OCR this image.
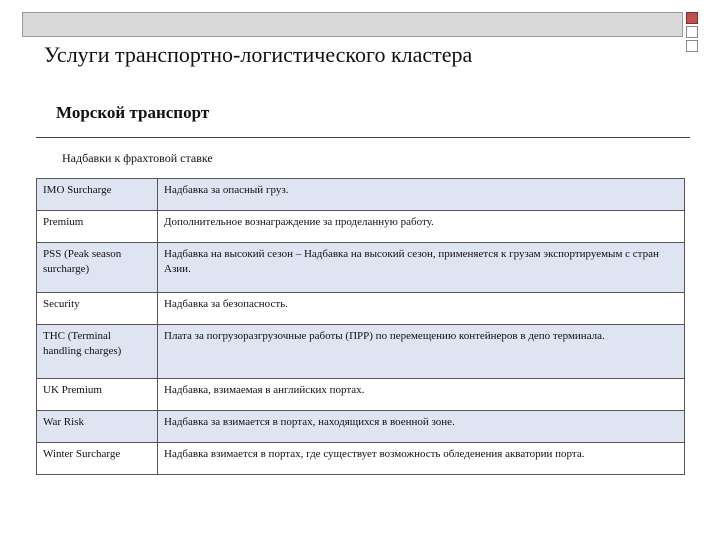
Услуги транспортно-логистического кластера
Морской транспорт
Надбавки к фрахтовой ставке
IMO Surcharge	Надбавка за опасный груз.
Premium	Дополнительное вознаграждение за проделанную работу.
PSS (Peak season surcharge)	Надбавка на высокий сезон – Надбавка на высокий сезон, применяется к грузам экспортируемым с стран Азии.
Security	Надбавка за безопасность.
THC (Terminal handling charges)	Плата за погрузоразгрузочные работы (ПРР) по перемещению контейнеров в депо терминала.
UK Premium	Надбавка, взимаемая в английских портах.
War Risk	Надбавка за взимается в портах, находящихся в военной зоне.
Winter Surcharge	Надбавка взимается в портах, где существует возможность обледенения акватории порта.
